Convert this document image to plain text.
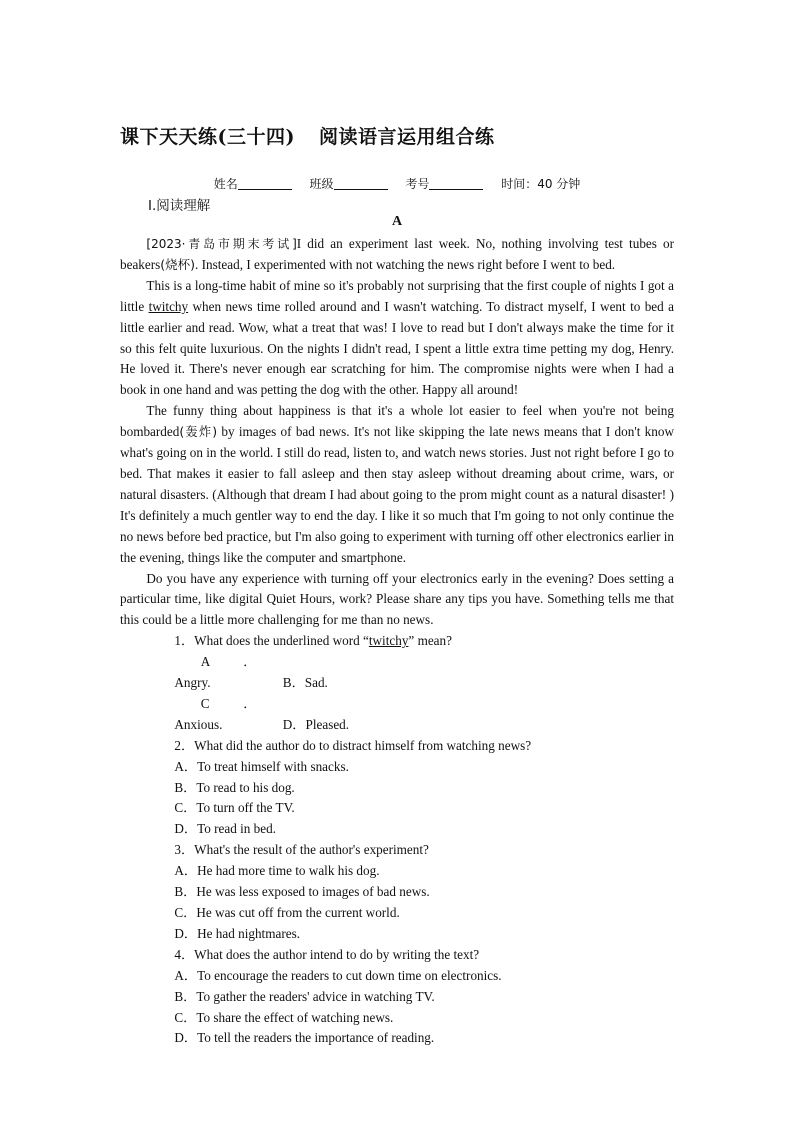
课下天天练(三十四) 阅读语言运用组合练
姓名	班级	考号	时间：40 分钟
Ⅰ.阅读理解
A

[2023·青岛市期末考试]I did an experiment last week. No, nothing involving test tubes or beakers(烧杯). Instead, I experimented with not watching the news right before I went to bed.

This is a long-time habit of mine so it's probably not surprising that the first couple of nights I got a little twitchy when news time rolled around and I wasn't watching. To distract myself, I went to bed a little earlier and read. Wow, what a treat that was! I love to read but I don't always make the time for it so this felt quite luxurious. On the nights I didn't read, I spent a little extra time petting my dog, Henry. He loved it. There's never enough ear scratching for him. The compromise nights were when I had a book in one hand and was petting the dog with the other. Happy all around!

The funny thing about happiness is that it's a whole lot easier to feel when you're not being bombarded(轰炸) by images of bad news. It's not like skipping the late news means that I don't know what's going on in the world. I still do read, listen to, and watch news stories. Just not right before I go to bed. That makes it easier to fall asleep and then stay asleep without dreaming about crime, wars, or natural disasters. (Although that dream I had about going to the prom might count as a natural disaster! ) It's definitely a much gentler way to end the day. I like it so much that I'm going to not only continue the no news before bed practice, but I'm also going to experiment with turning off other electronics earlier in the evening, things like the computer and smartphone.

Do you have any experience with turning off your electronics early in the evening? Does setting a particular time, like digital Quiet Hours, work? Please share any tips you have. Something tells me that this could be a little more challenging for me than no news.

1．What does the underlined word “twitchy” mean?

A．Angry.	B．Sad.

C．Anxious.	D．Pleased.

2．What did the author do to distract himself from watching news?

A．To treat himself with snacks.

B．To read to his dog.

C．To turn off the TV.

D．To read in bed.

3．What's the result of the author's experiment?

A．He had more time to walk his dog.

B．He was less exposed to images of bad news.

C．He was cut off from the current world.

D．He had nightmares.

4．What does the author intend to do by writing the text?

A．To encourage the readers to cut down time on electronics.

B．To gather the readers' advice in watching TV.

C．To share the effect of watching news.

D．To tell the readers the importance of reading.
